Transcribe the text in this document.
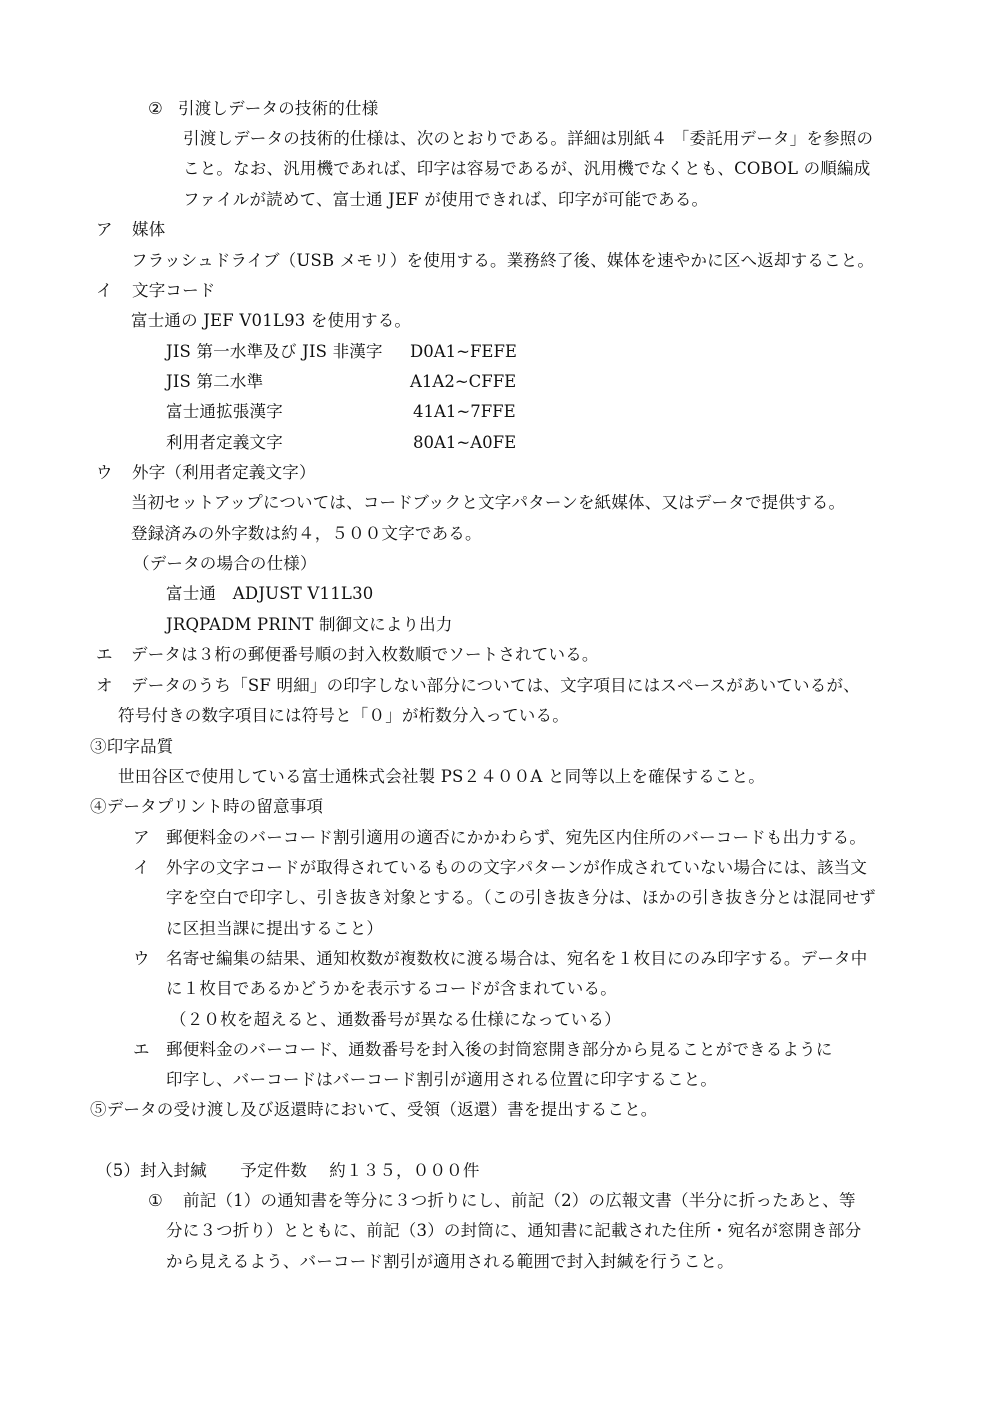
② 引渡しデータの技術的仕様
引渡しデータの技術的仕様は、次のとおりである。詳細は別紙４ 「委託用データ」を参照の
こと。なお、汎用機であれば、印字は容易であるが、汎用機でなくとも、COBOL の順編成
ファイルが読めて、富士通 JEF が使用できれば、印字が可能である。
ア 媒体
フラッシュドライブ（USB メモリ）を使用する。業務終了後、媒体を速やかに区へ返却すること。
イ 文字コード
富士通の JEF V01L93 を使用する。
JIS 第一水準及び JIS 非漢字 D0A1~FEFE
JIS 第二水準	A1A2~CFFE
富士通拡張漢字	41A1~7FFE
利用者定義文字	80A1~A0FE
ウ 外字（利用者定義文字）
当初セットアップについては、コードブックと文字パターンを紙媒体、又はデータで提供する。
登録済みの外字数は約４，５００文字である。
（データの場合の仕様）
富士通　ADJUST V11L30
JRQPADM PRINT 制御文により出力
エ データは３桁の郵便番号順の封入枚数順でソートされている。
オ データのうち「SF 明細」の印字しない部分については、文字項目にはスペースがあいているが、
符号付きの数字項目には符号と「０」が桁数分入っている。
③印字品質
世田谷区で使用している富士通株式会社製 PS２４００A と同等以上を確保すること。
④データプリント時の留意事項
ア 郵便料金のバーコード割引適用の適否にかかわらず、宛先区内住所のバーコードも出力する。
イ 外字の文字コードが取得されているものの文字パターンが作成されていない場合には、該当文
字を空白で印字し、引き抜き対象とする。（この引き抜き分は、ほかの引き抜き分とは混同せず
に区担当課に提出すること）
ウ 名寄せ編集の結果、通知枚数が複数枚に渡る場合は、宛名を１枚目にのみ印字する。データ中
に１枚目であるかどうかを表示するコードが含まれている。
（２０枚を超えると、通数番号が異なる仕様になっている）
エ 郵便料金のバーコード、通数番号を封入後の封筒窓開き部分から見ることができるように
印字し、バーコードはバーコード割引が適用される位置に印字すること。
⑤データの受け渡し及び返還時において、受領（返還）書を提出すること。
（5）封入封緘　　予定件数　 約１３５，０００件
① 前記（1）の通知書を等分に３つ折りにし、前記（2）の広報文書（半分に折ったあと、等
分に３つ折り）とともに、前記（3）の封筒に、通知書に記載された住所・宛名が窓開き部分
から見えるよう、バーコード割引が適用される範囲で封入封緘を行うこと。
